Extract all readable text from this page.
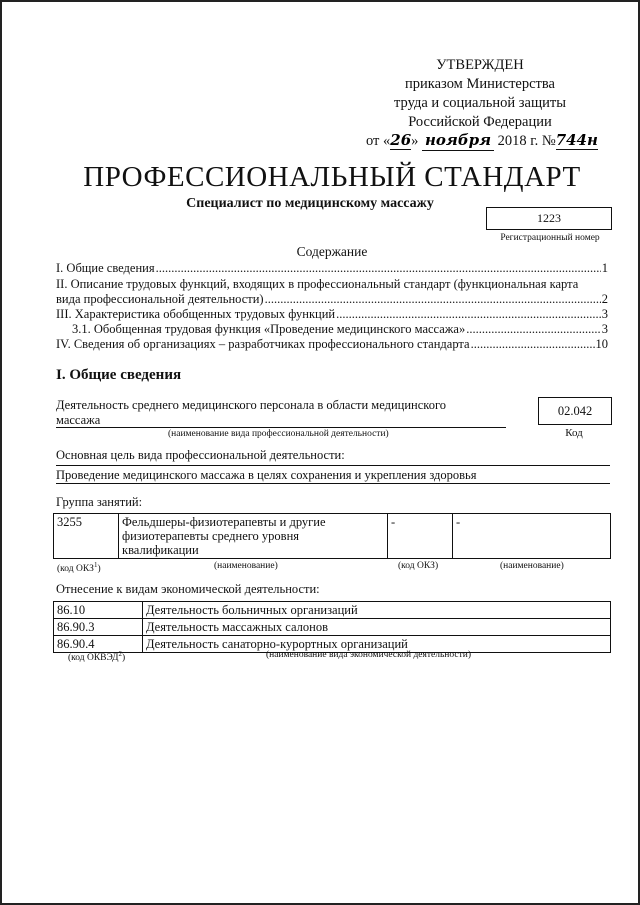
УТВЕРЖДЕН
приказом Министерства
труда и социальной защиты
Российской Федерации
от «26» ноября 2018 г. №744н
ПРОФЕССИОНАЛЬНЫЙ СТАНДАРТ
Специалист по медицинскому массажу
1223
Регистрационный номер
Содержание
I. Общие сведения .....	1
II. Описание трудовых функций, входящих в профессиональный стандарт (функциональная карта
вида профессиональной деятельности) .....	2
III. Характеристика обобщенных трудовых функций .....	3
3.1. Обобщенная трудовая функция «Проведение медицинского массажа» .....	3
IV. Сведения об организациях – разработчиках профессионального стандарта .....	10
I. Общие сведения
Деятельность среднего медицинского персонала в области медицинского
массажа
(наименование вида профессиональной деятельности)
02.042
Код
Основная цель вида профессиональной деятельности:
Проведение медицинского массажа в целях сохранения и укрепления здоровья
Группа занятий:
3255	Фельдшеры-физиотерапевты и другие
физиотерапевты среднего уровня
квалификации
	-	-
(код ОКЗ$^1$)	(наименование)	(код ОКЗ)	(наименование)
Отнесение к видам экономической деятельности:
86.10	Деятельность больничных организаций
86.90.3	Деятельность массажных салонов
86.90.4	Деятельность санаторно-курортных организаций
(код ОКВЭД$^2$)	(наименование вида экономической деятельности)
